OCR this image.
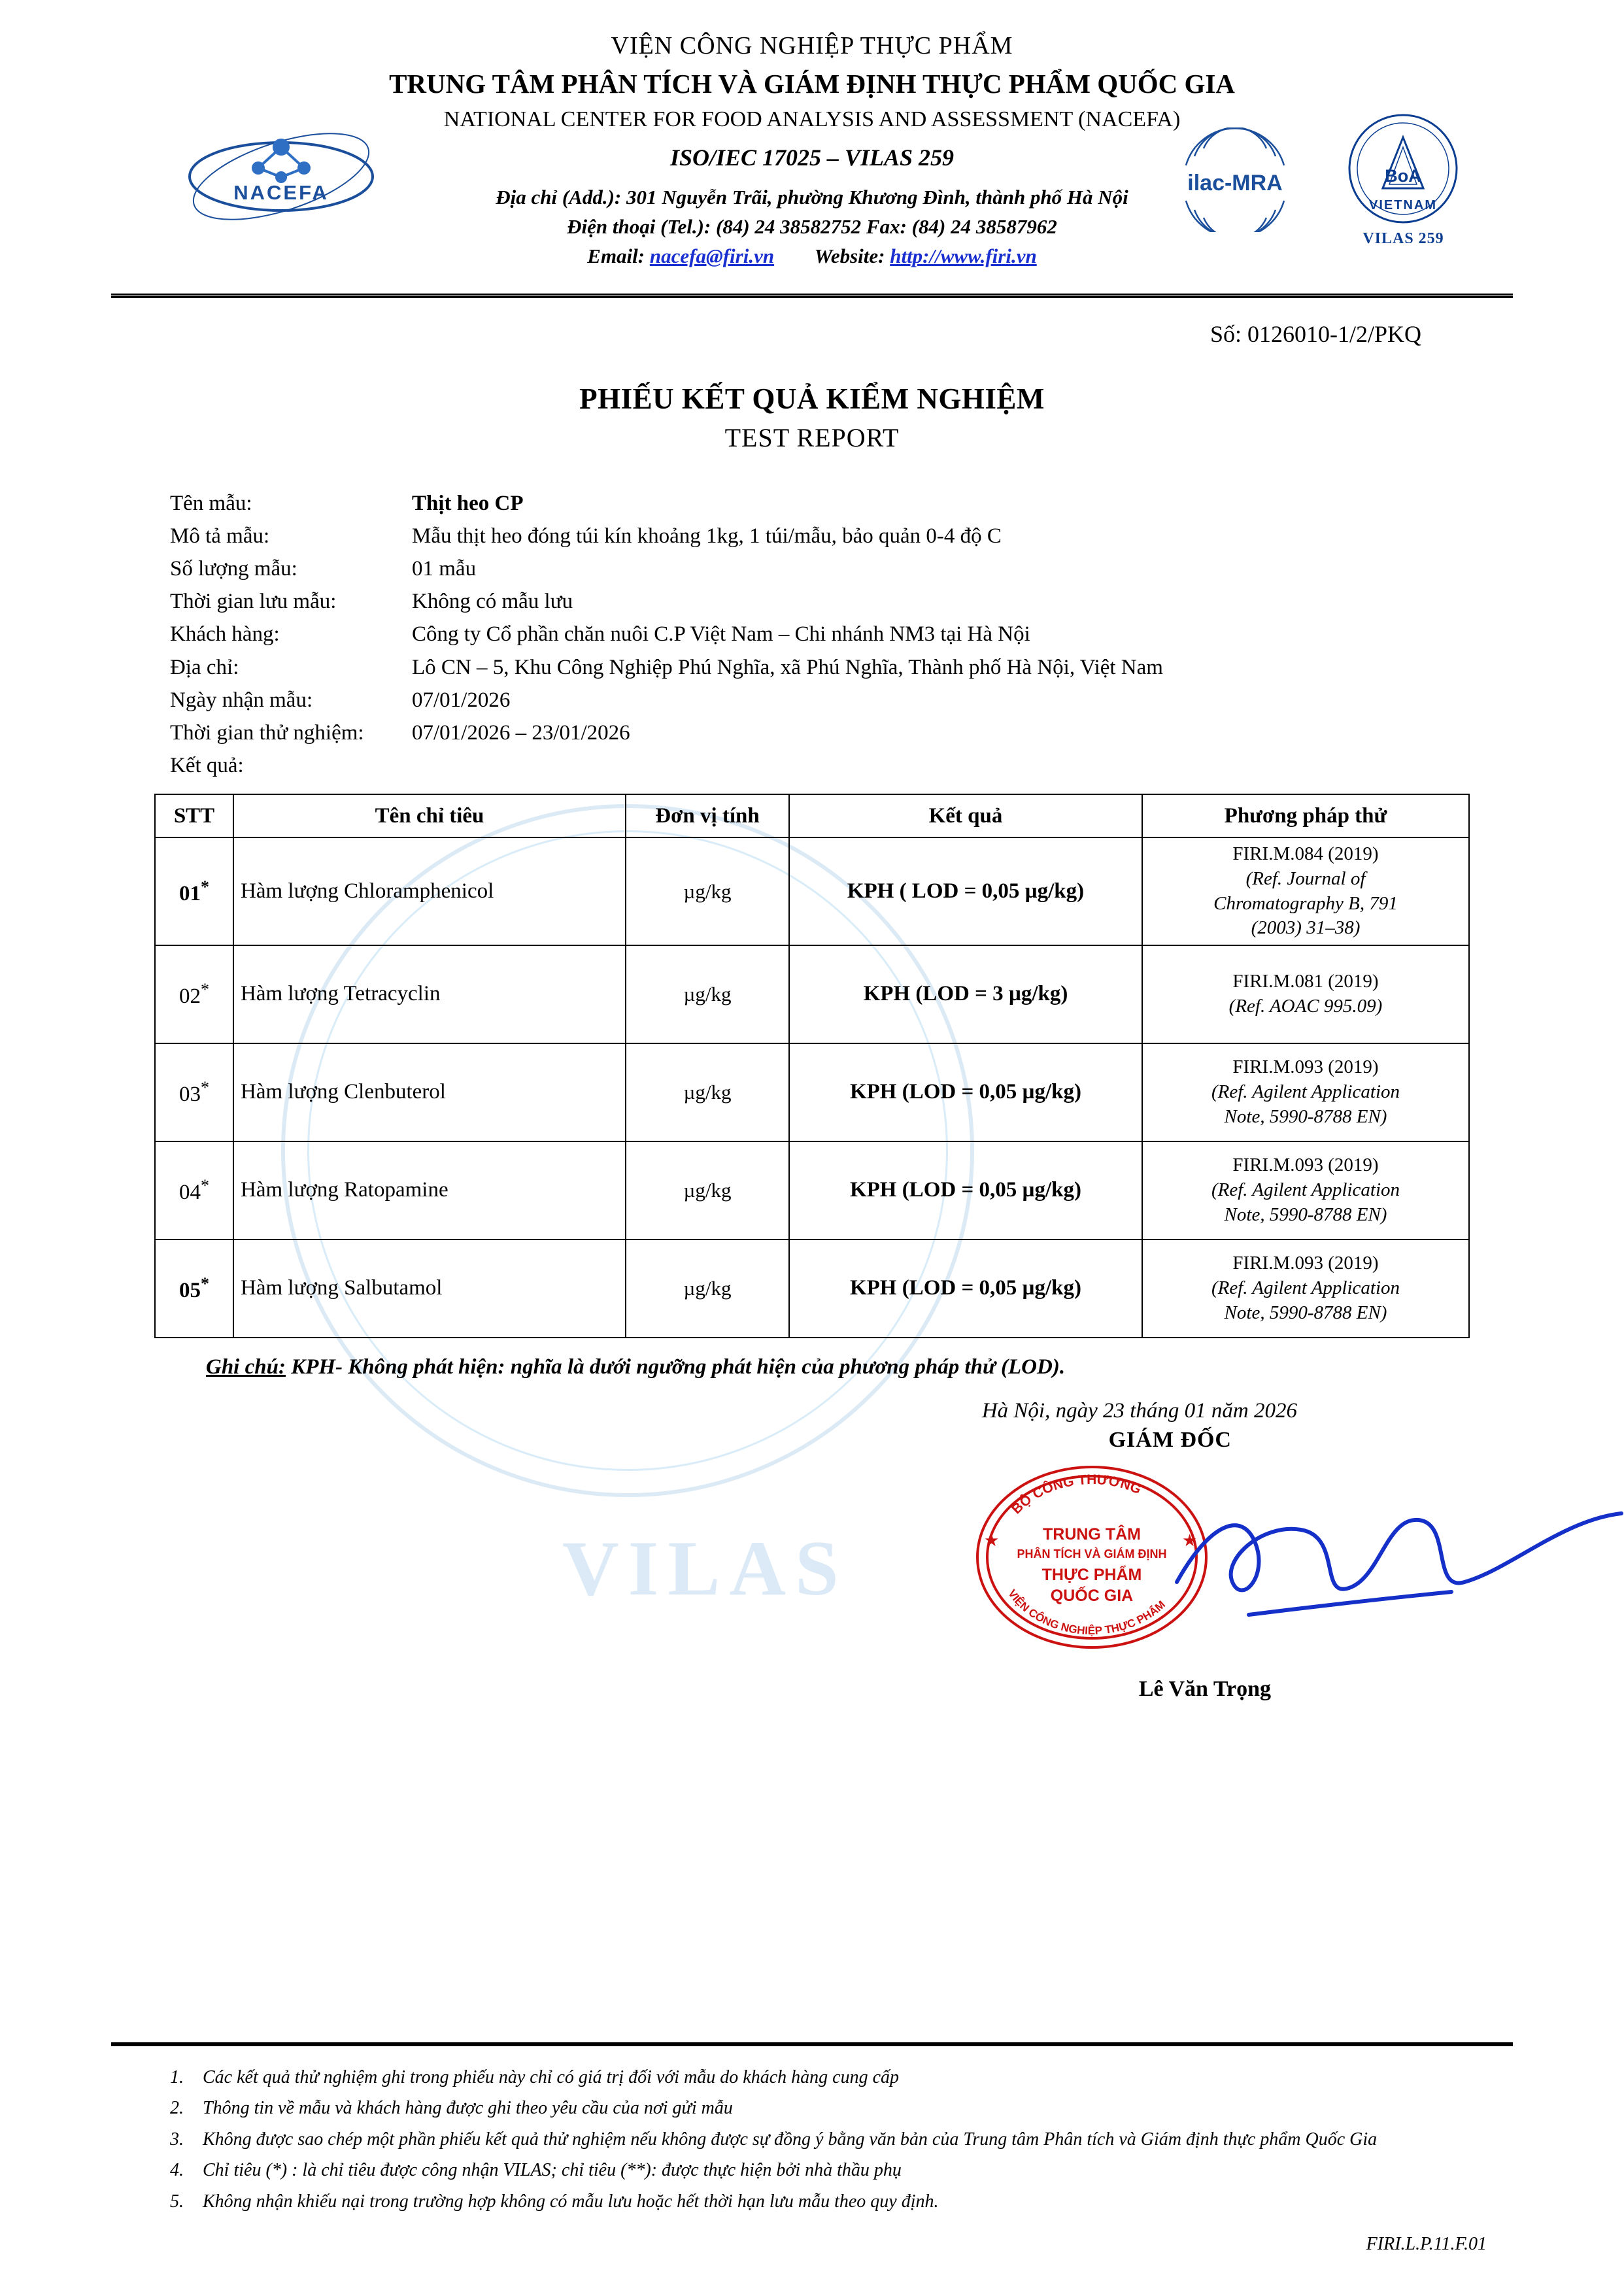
VILAS
VIỆN CÔNG NGHIỆP THỰC PHẨM
TRUNG TÂM PHÂN TÍCH VÀ GIÁM ĐỊNH THỰC PHẨM QUỐC GIA
NATIONAL CENTER FOR FOOD ANALYSIS AND ASSESSMENT (NACEFA)
ISO/IEC 17025 – VILAS 259
Địa chỉ (Add.): 301 Nguyễn Trãi, phường Khương Đình, thành phố Hà Nội
Điện thoại (Tel.): (84) 24 38582752 Fax: (84) 24 38587962
Email: nacefa@firi.vn Website: http://www.firi.vn
NACEFA	ilac-MRA	BoA
VIETNAM
VILAS 259
Số: 0126010-1/2/PKQ
PHIẾU KẾT QUẢ KIỂM NGHIỆM
TEST REPORT
Tên mẫu:	Thịt heo CP
Mô tả mẫu:	Mẫu thịt heo đóng túi kín khoảng 1kg, 1 túi/mẫu, bảo quản 0-4 độ C
Số lượng mẫu:	01 mẫu
Thời gian lưu mẫu:	Không có mẫu lưu
Khách hàng:	Công ty Cổ phần chăn nuôi C.P Việt Nam – Chi nhánh NM3 tại Hà Nội
Địa chỉ:	Lô CN – 5, Khu Công Nghiệp Phú Nghĩa, xã Phú Nghĩa, Thành phố Hà Nội, Việt Nam
Ngày nhận mẫu:	07/01/2026
Thời gian thử nghiệm:	07/01/2026 – 23/01/2026
Kết quả:
STT	Tên chỉ tiêu	Đơn vị tính	Kết quả	Phương pháp thử
01*	Hàm lượng Chloramphenicol	µg/kg	KPH ( LOD = 0,05 µg/kg)	FIRI.M.084 (2019)
(Ref. Journal of
Chromatography B, 791
(2003) 31–38)

02*	Hàm lượng Tetracyclin	µg/kg	KPH (LOD = 3 µg/kg)	FIRI.M.081 (2019)
(Ref. AOAC 995.09)

03*	Hàm lượng Clenbuterol	µg/kg	KPH (LOD = 0,05 µg/kg)	FIRI.M.093 (2019)
(Ref. Agilent Application
Note, 5990-8788 EN)

04*	Hàm lượng Ratopamine	µg/kg	KPH (LOD = 0,05 µg/kg)	FIRI.M.093 (2019)
(Ref. Agilent Application
Note, 5990-8788 EN)

05*	Hàm lượng Salbutamol	µg/kg	KPH (LOD = 0,05 µg/kg)	FIRI.M.093 (2019)
(Ref. Agilent Application
Note, 5990-8788 EN)
Ghi chú: KPH- Không phát hiện: nghĩa là dưới ngưỡng phát hiện của phương pháp thử (LOD).
Hà Nội, ngày 23 tháng 01 năm 2026
GIÁM ĐỐC
BỘ CÔNG THƯƠNG
VIỆN CÔNG NGHIỆP THỰC PHẨM
TRUNG TÂM
PHÂN TÍCH VÀ GIÁM ĐỊNH
THỰC PHẨM
QUỐC GIA
★	★
Lê Văn Trọng
1. Các kết quả thử nghiệm ghi trong phiếu này chỉ có giá trị đối với mẫu do khách hàng cung cấp
2. Thông tin về mẫu và khách hàng được ghi theo yêu cầu của nơi gửi mẫu
3. Không được sao chép một phần phiếu kết quả thử nghiệm nếu không được sự đồng ý bằng văn bản của Trung tâm Phân tích và Giám định thực phẩm Quốc Gia
4. Chỉ tiêu (*) : là chỉ tiêu được công nhận VILAS; chỉ tiêu (**): được thực hiện bởi nhà thầu phụ
5. Không nhận khiếu nại trong trường hợp không có mẫu lưu hoặc hết thời hạn lưu mẫu theo quy định.
FIRI.L.P.11.F.01
